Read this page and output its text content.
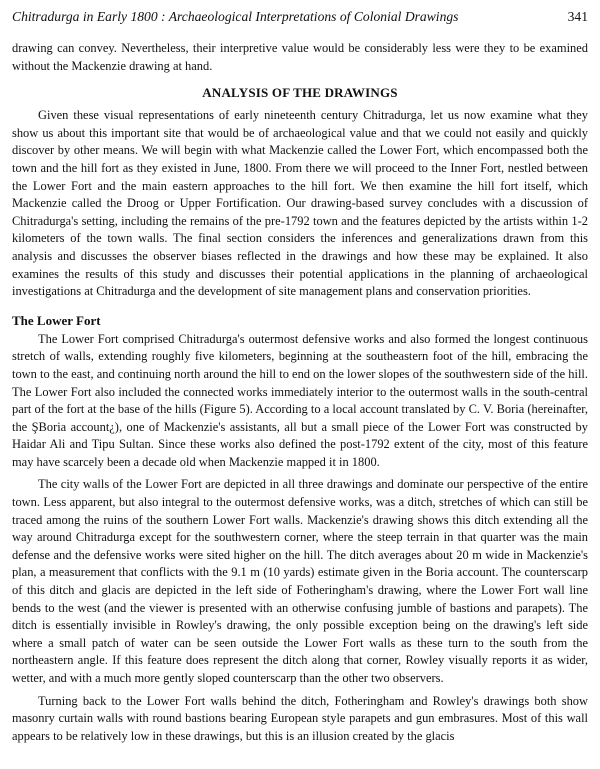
Chitradurga in Early 1800 : Archaeological Interpretations of Colonial Drawings	341

drawing can convey. Nevertheless, their interpretive value would be considerably less were they to be examined without the Mackenzie drawing at hand.

ANALYSIS OF THE DRAWINGS

Given these visual representations of early nineteenth century Chitradurga, let us now examine what they show us about this important site that would be of archaeological value and that we could not easily and quickly discover by other means. We will begin with what Mackenzie called the Lower Fort, which encompassed both the town and the hill fort as they existed in June, 1800. From there we will proceed to the Inner Fort, nestled between the Lower Fort and the main eastern approaches to the hill fort. We then examine the hill fort itself, which Mackenzie called the Droog or Upper Fortification. Our drawing-based survey concludes with a discussion of Chitradurga's setting, including the remains of the pre-1792 town and the features depicted by the artists within 1-2 kilometers of the town walls. The final section considers the inferences and generalizations drawn from this analysis and discusses the observer biases reflected in the drawings and how these may be explained. It also examines the results of this study and discusses their potential applications in the planning of archaeological investigations at Chitradurga and the development of site management plans and conservation priorities.

The Lower Fort

The Lower Fort comprised Chitradurga's outermost defensive works and also formed the longest continuous stretch of walls, extending roughly five kilometers, beginning at the southeastern foot of the hill, embracing the town to the east, and continuing north around the hill to end on the lower slopes of the southwestern side of the hill. The Lower Fort also included the connected works immediately interior to the outermost walls in the south-central part of the fort at the base of the hills (Figure 5). According to a local account translated by C. V. Boria (hereinafter, the ŞBoria account¿), one of Mackenzie's assistants, all but a small piece of the Lower Fort was constructed by Haidar Ali and Tipu Sultan. Since these works also defined the post-1792 extent of the city, most of this feature may have scarcely been a decade old when Mackenzie mapped it in 1800.

The city walls of the Lower Fort are depicted in all three drawings and dominate our perspective of the entire town. Less apparent, but also integral to the outermost defensive works, was a ditch, stretches of which can still be traced among the ruins of the southern Lower Fort walls. Mackenzie's drawing shows this ditch extending all the way around Chitradurga except for the southwestern corner, where the steep terrain in that quarter was the main defense and the defensive works were sited higher on the hill. The ditch averages about 20 m wide in Mackenzie's plan, a measurement that conflicts with the 9.1 m (10 yards) estimate given in the Boria account. The counterscarp of this ditch and glacis are depicted in the left side of Fotheringham's drawing, where the Lower Fort wall line bends to the west (and the viewer is presented with an otherwise confusing jumble of bastions and parapets). The ditch is essentially invisible in Rowley's drawing, the only possible exception being on the drawing's left side where a small patch of water can be seen outside the Lower Fort walls as these turn to the south from the northeastern angle. If this feature does represent the ditch along that corner, Rowley visually reports it as wider, wetter, and with a much more gently sloped counterscarp than the other two observers.

Turning back to the Lower Fort walls behind the ditch, Fotheringham and Rowley's drawings both show masonry curtain walls with round bastions bearing European style parapets and gun embrasures. Most of this wall appears to be relatively low in these drawings, but this is an illusion created by the glacis
